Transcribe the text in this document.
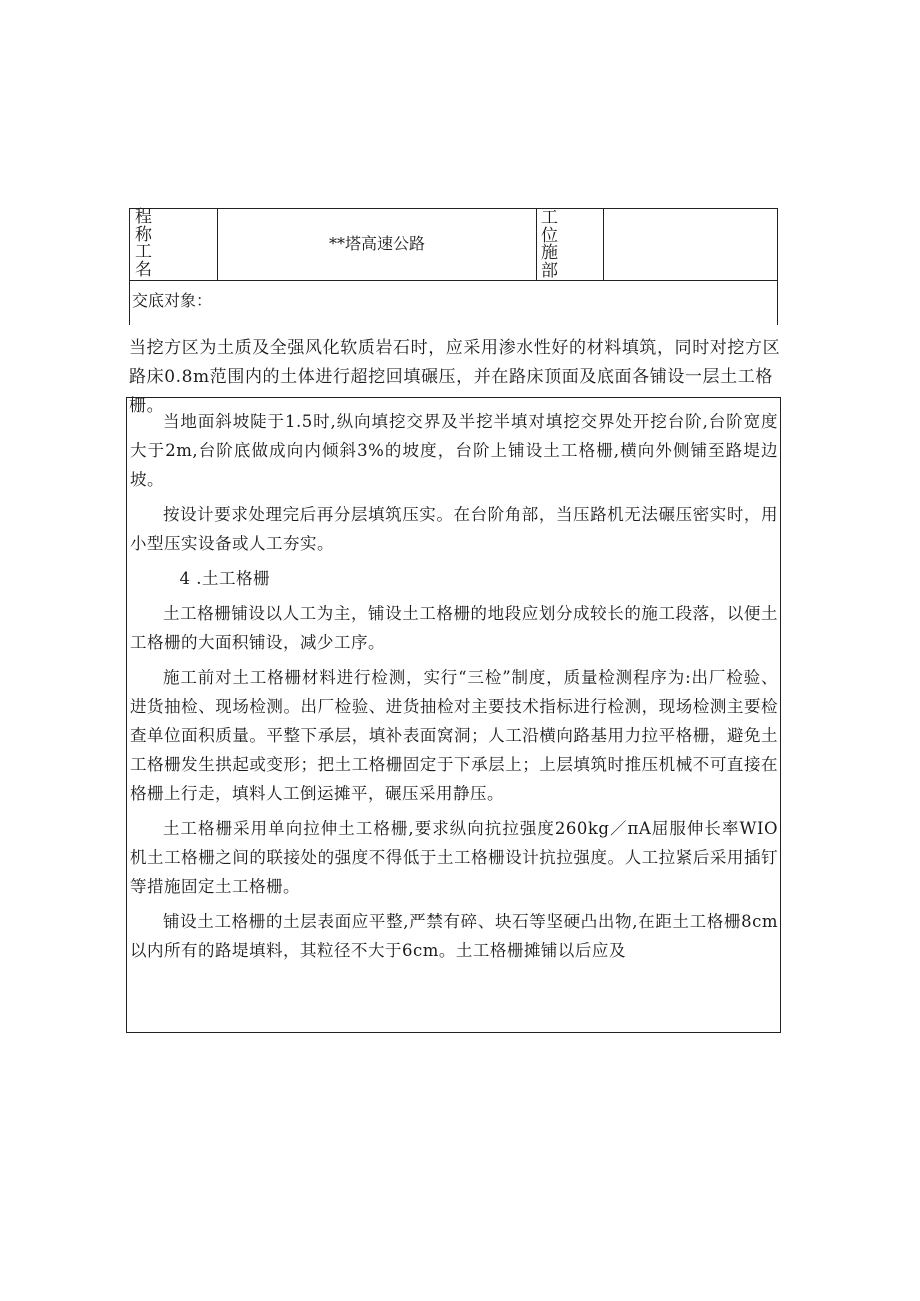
程称工名
**塔高速公路
工位施部
交底对象：

当挖方区为土质及全强风化软质岩石时，应采用渗水性好的材料填筑，同时对挖方区路床0.8m范围内的土体进行超挖回填碾压，并在路床顶面及底面各铺设一层土工格栅。

当地面斜坡陡于1.5时,纵向填挖交界及半挖半填对填挖交界处开挖台阶,台阶宽度大于2m,台阶底做成向内倾斜3%的坡度，台阶上铺设土工格栅,横向外侧铺至路堤边坡。

按设计要求处理完后再分层填筑压实。在台阶角部，当压路机无法碾压密实时，用小型压实设备或人工夯实。

4 .土工格栅

土工格栅铺设以人工为主，铺设土工格栅的地段应划分成较长的施工段落，以便土工格栅的大面积铺设，减少工序。

施工前对土工格栅材料进行检测，实行“三检”制度，质量检测程序为:出厂检验、进货抽检、现场检测。出厂检验、进货抽检对主要技术指标进行检测，现场检测主要检查单位面积质量。平整下承层，填补表面窝洞；人工沿横向路基用力拉平格栅，避免土工格栅发生拱起或变形；把土工格栅固定于下承层上；上层填筑时推压机械不可直接在格栅上行走，填料人工倒运摊平，碾压采用静压。

土工格栅采用单向拉伸土工格栅,要求纵向抗拉强度260kg／πA屈服伸长率WIO机土工格栅之间的联接处的强度不得低于土工格栅设计抗拉强度。人工拉紧后采用插钉等措施固定土工格栅。

铺设土工格栅的土层表面应平整,严禁有碎、块石等坚硬凸出物,在距土工格栅8cm以内所有的路堤填料，其粒径不大于6cm。土工格栅摊铺以后应及
